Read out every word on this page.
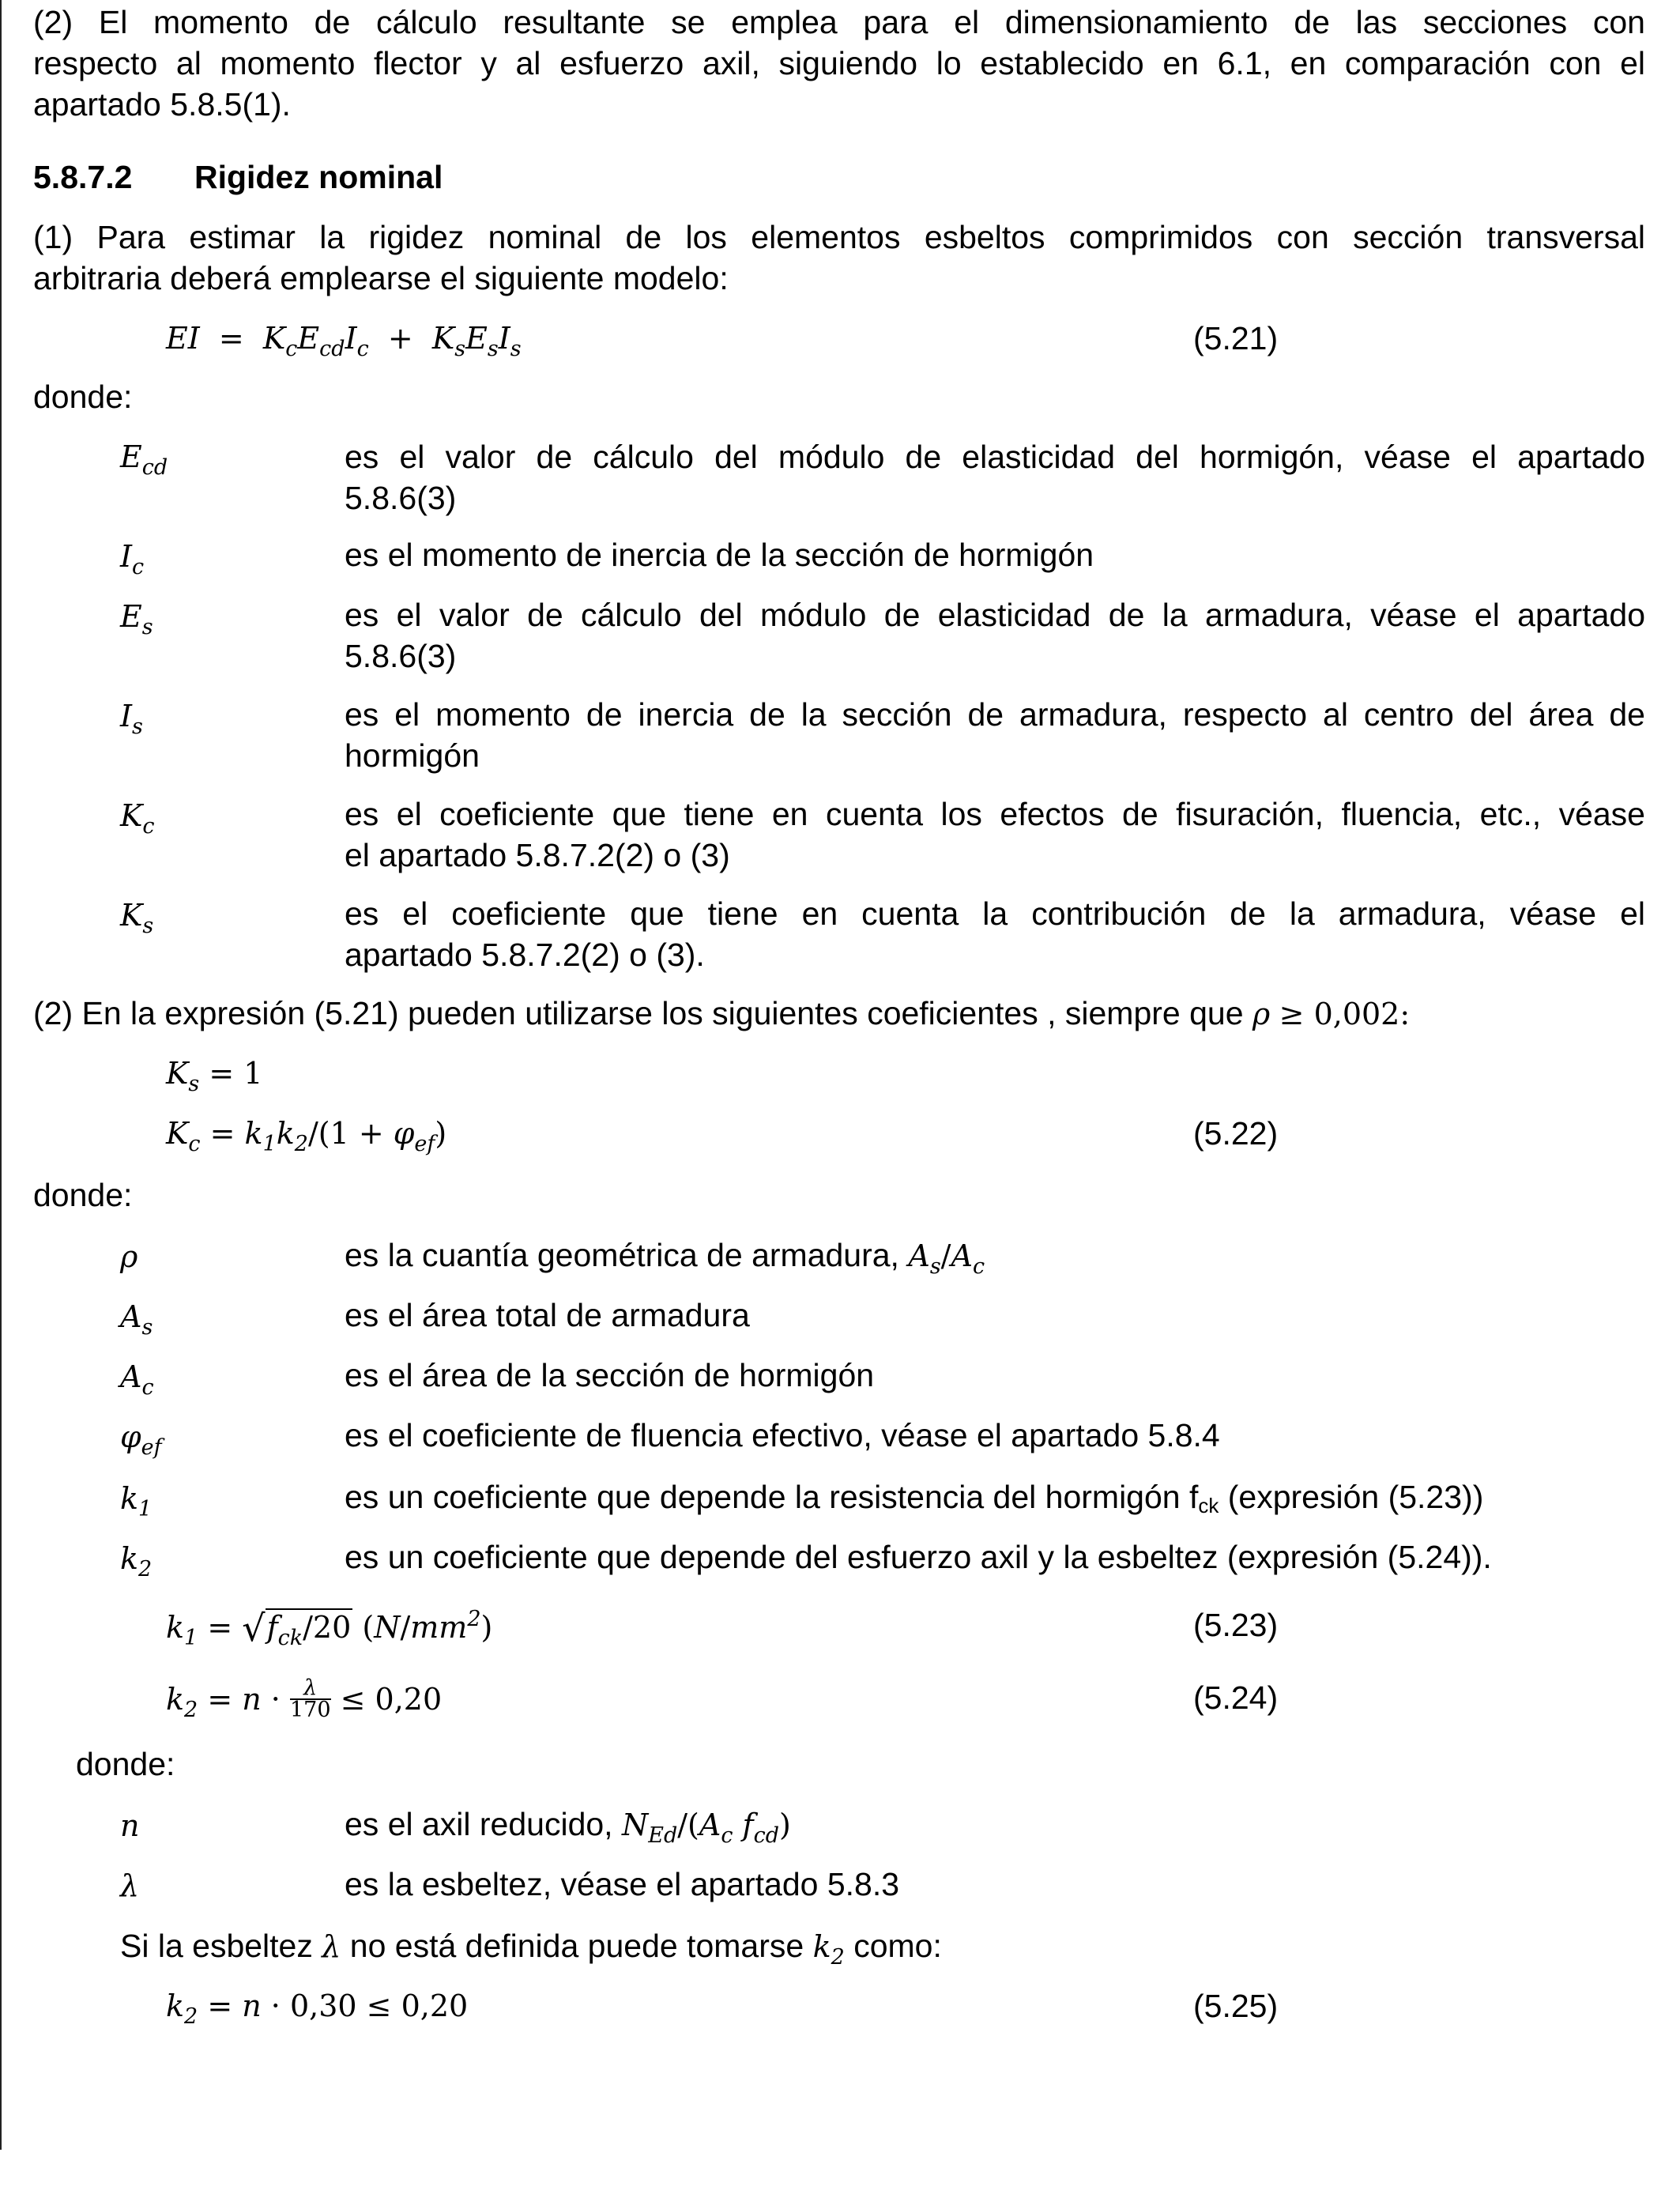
(2) El momento de cálculo resultante se emplea para el dimensionamiento de las secciones con
respecto al momento flector y al esfuerzo axil, siguiendo lo establecido en 6.1, en comparación con el
apartado 5.8.5(1).
5.8.7.2 Rigidez nominal
(1) Para estimar la rigidez nominal de los elementos esbeltos comprimidos con sección transversal
arbitraria deberá emplearse el siguiente modelo:
EI  =  $K_cE_{cd}I_c + K_sE_sI_s$	(5.21)
donde:
$E_{cd}$	es el valor de cálculo del módulo de elasticidad del hormigón, véase el apartado
5.8.6(3)
$I_c$	es el momento de inercia de la sección de hormigón
$E_s$	es el valor de cálculo del módulo de elasticidad de la armadura, véase el apartado
5.8.6(3)
$I_s$	es el momento de inercia de la sección de armadura, respecto al centro del área de
hormigón
$K_c$	es el coeficiente que tiene en cuenta los efectos de fisuración, fluencia, etc., véase
el apartado 5.8.7.2(2) o (3)
$K_s$	es el coeficiente que tiene en cuenta la contribución de la armadura, véase el
apartado 5.8.7.2(2) o (3).
(2) En la expresión (5.21) pueden utilizarse los siguientes coeficientes , siempre que ρ ≥ 0,002:
$K_s = 1$
$K_c = k_1k_2/(1 + \varphi_{ef})$	(5.22)
donde:
ρ	es la cuantía geométrica de armadura, $A_s/A_c$
$A_s$	es el área total de armadura
$A_c$	es el área de la sección de hormigón
$\varphi_{ef}$	es el coeficiente de fluencia efectivo, véase el apartado 5.8.4
$k_1$	es un coeficiente que depende la resistencia del hormigón $f_{ck}$ (expresión (5.23))
$k_2$	es un coeficiente que depende del esfuerzo axil y la esbeltez (expresión (5.24)).
$k_1 = √f_{ck}/20$ $(N/mm^2)$	(5.23)
$k_2 = n \cdot \frac{\lambda}{170} \le 0,20$	(5.24)
donde:
n	es el axil reducido, $N_{Ed}/(A_c$ $f_{cd}$)
λ	es la esbeltez, véase el apartado 5.8.3
Si la esbeltez λ no está definida puede tomarse $k_2$ como:
$k_2 = n \cdot 0,30 \le 0,20$	(5.25)
